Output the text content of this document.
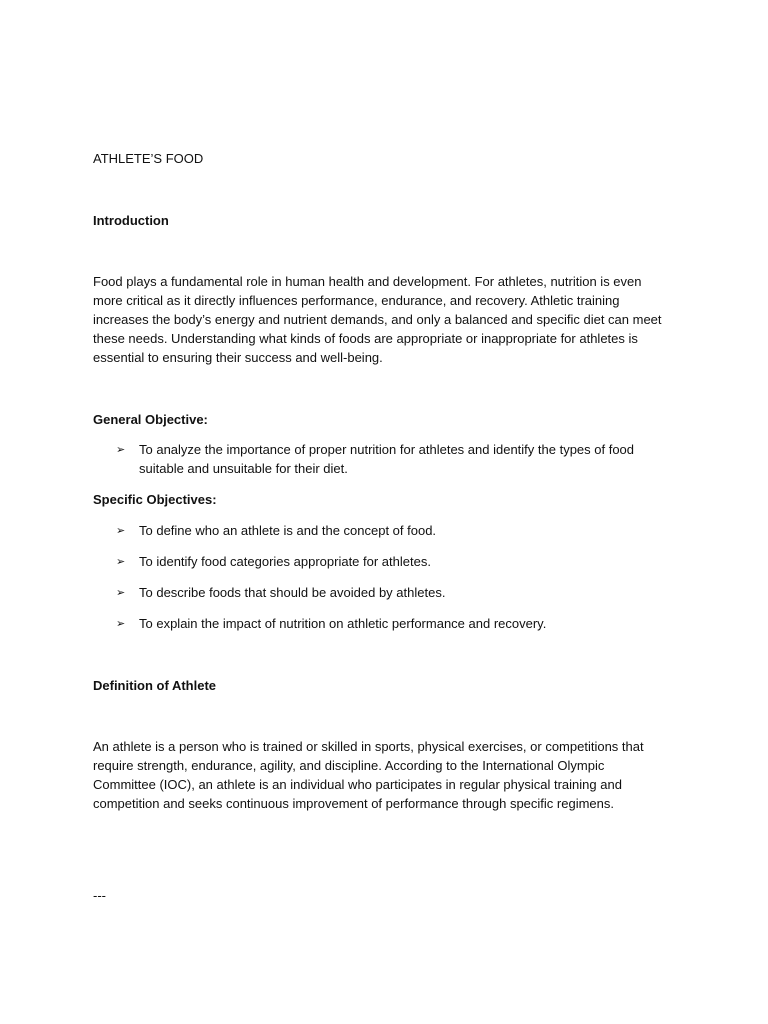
ATHLETE’S FOOD

Introduction

Food plays a fundamental role in human health and development. For athletes, nutrition is even more critical as it directly influences performance, endurance, and recovery. Athletic training increases the body’s energy and nutrient demands, and only a balanced and specific diet can meet these needs. Understanding what kinds of foods are appropriate or inappropriate for athletes is essential to ensuring their success and well-being.

General Objective:

➢ To analyze the importance of proper nutrition for athletes and identify the types of food suitable and unsuitable for their diet.

Specific Objectives:

➢ To define who an athlete is and the concept of food.
➢ To identify food categories appropriate for athletes.
➢ To describe foods that should be avoided by athletes.
➢ To explain the impact of nutrition on athletic performance and recovery.

Definition of Athlete

An athlete is a person who is trained or skilled in sports, physical exercises, or competitions that require strength, endurance, agility, and discipline. According to the International Olympic Committee (IOC), an athlete is an individual who participates in regular physical training and competition and seeks continuous improvement of performance through specific regimens.

---
